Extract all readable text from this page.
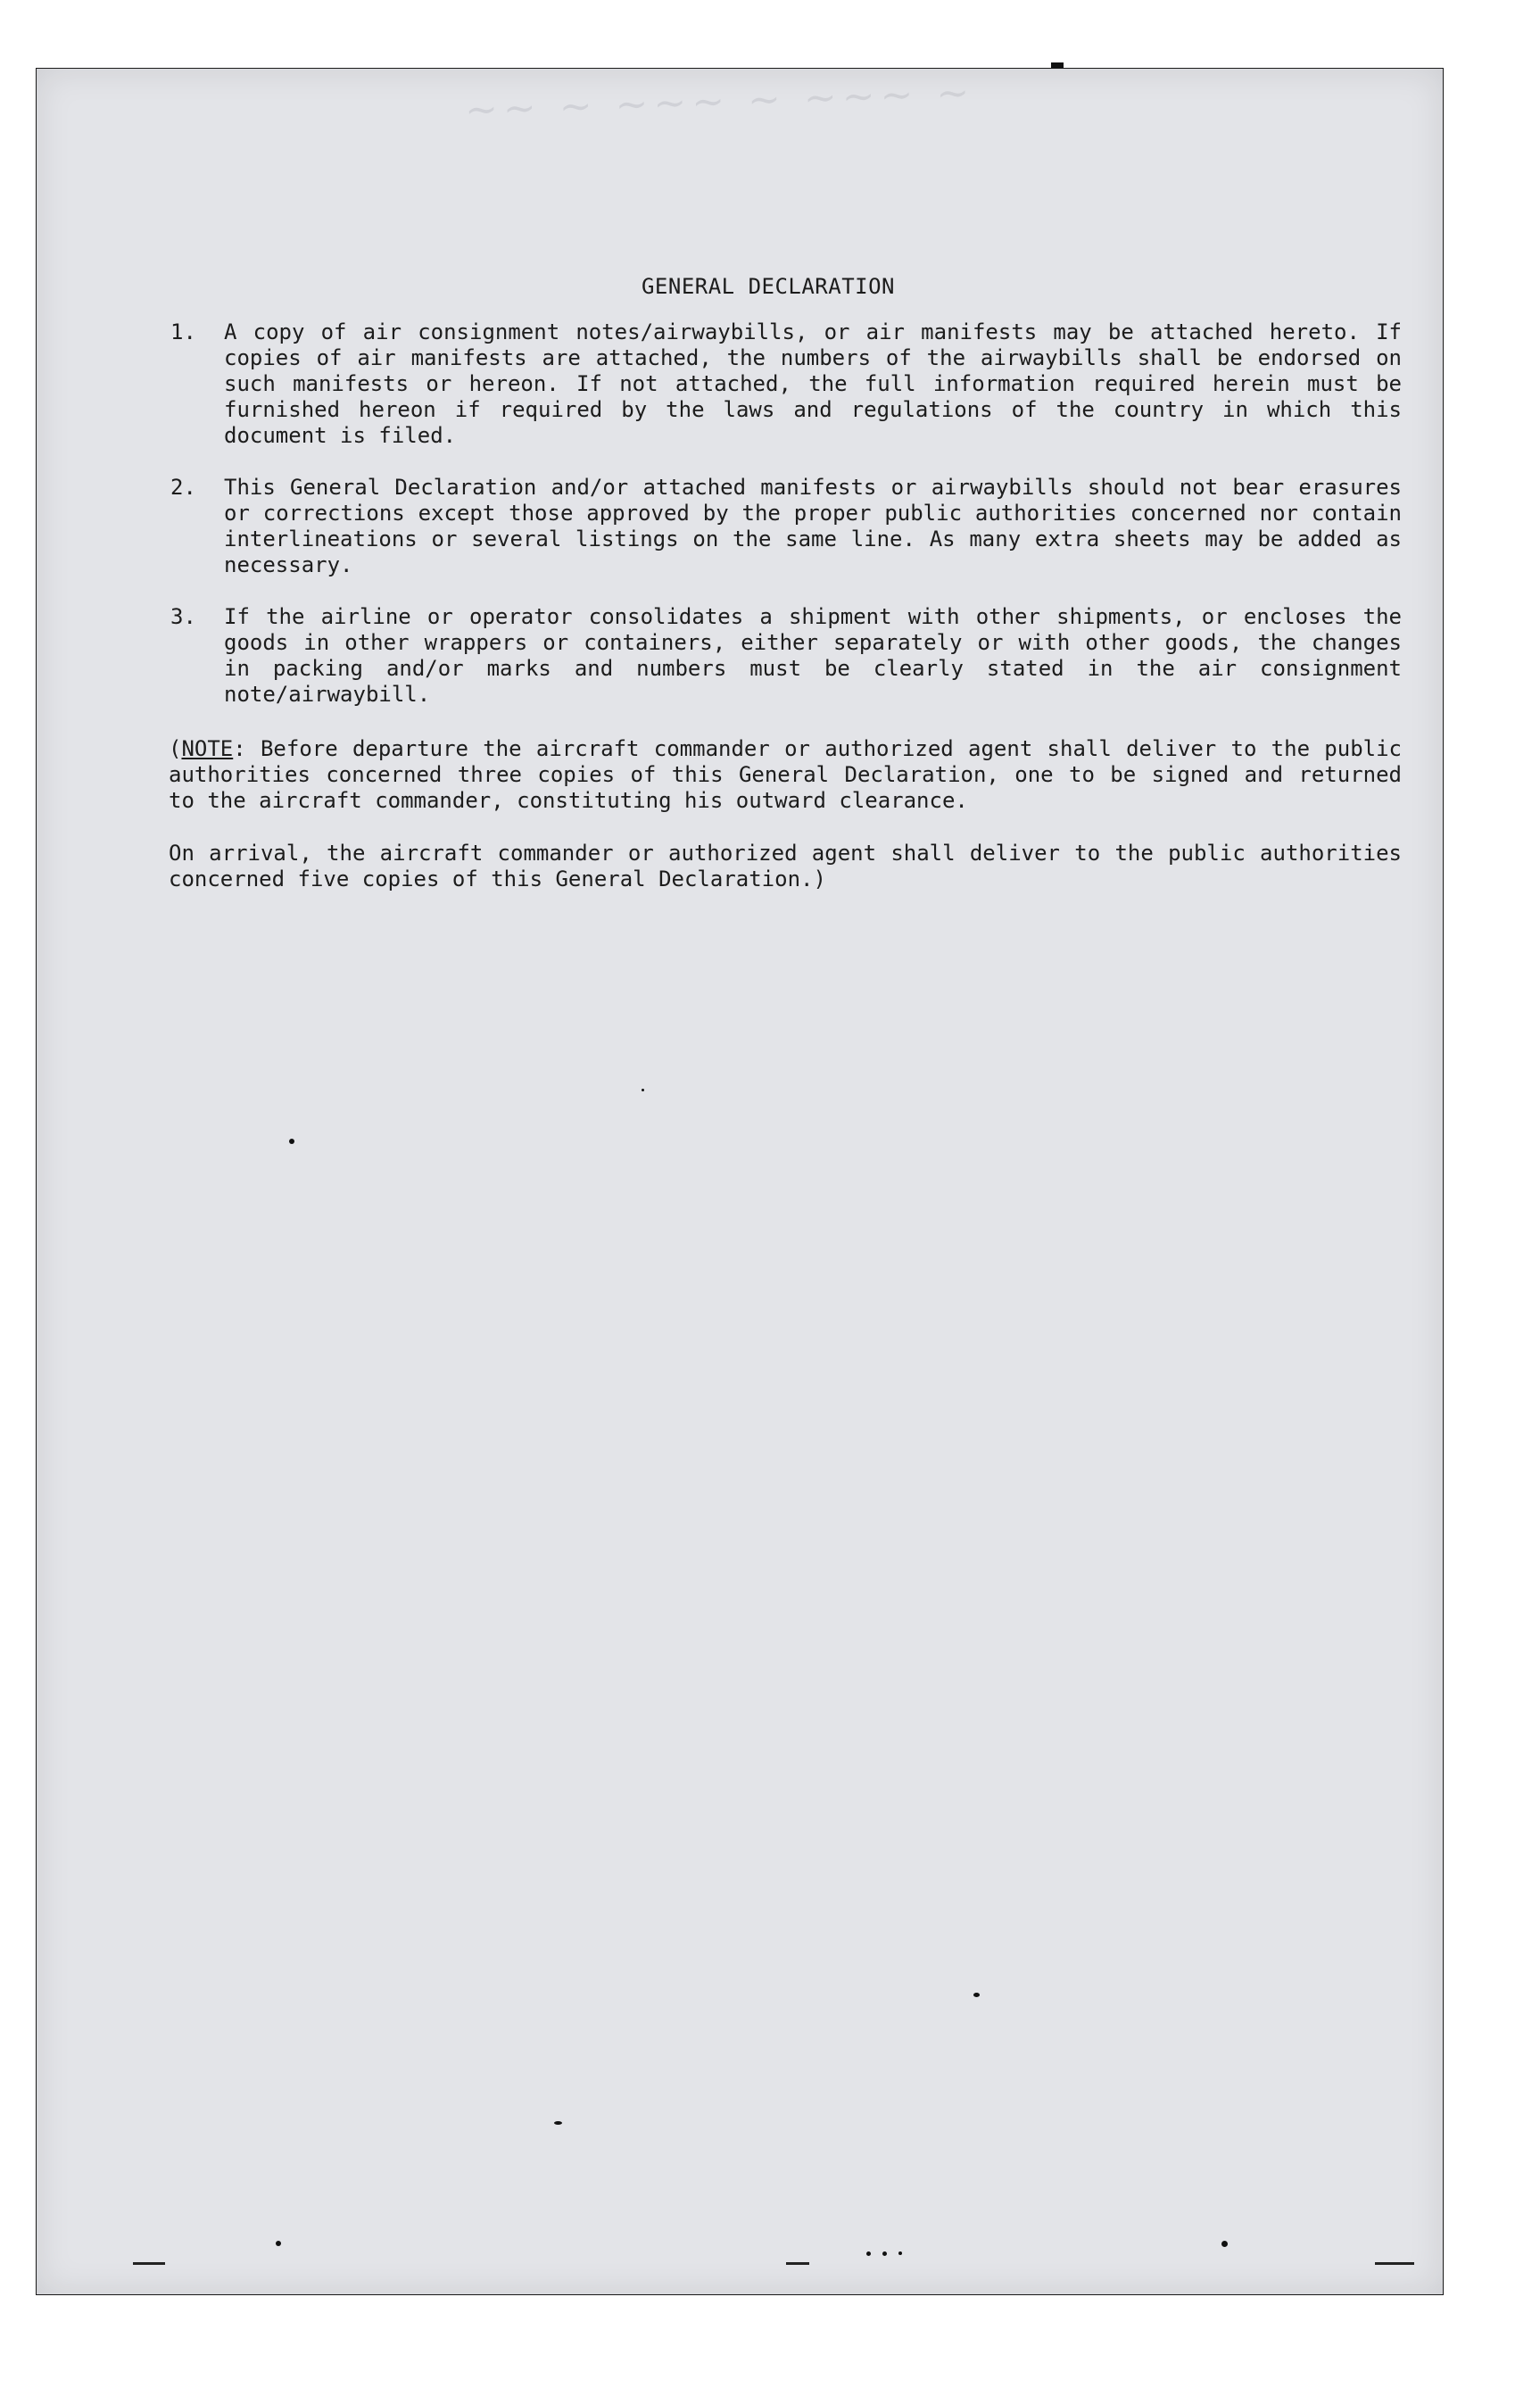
~~ ~ ~~~ ~ ~~~ ~
GENERAL DECLARATION
1.	A copy of air consignment notes/airwaybills, or air manifests may be attached hereto. If copies of air manifests are attached, the numbers of the airwaybills shall be endorsed on such manifests or hereon. If not attached, the full information required herein must be furnished hereon if required by the laws and regulations of the country in which this document is filed.
2.	This General Declaration and/or attached manifests or airwaybills should not bear erasures or corrections except those approved by the proper public authorities concerned nor contain interlineations or several listings on the same line. As many extra sheets may be added as necessary.
3.	If the airline or operator consolidates a shipment with other shipments, or encloses the goods in other wrappers or containers, either separately or with other goods, the changes in packing and/or marks and numbers must be clearly stated in the air consignment note/airwaybill.
(NOTE: Before departure the aircraft commander or authorized agent shall deliver to the public authorities concerned three copies of this General Declaration, one to be signed and returned to the aircraft commander, constituting his outward clearance.
On arrival, the aircraft commander or authorized agent shall deliver to the public authorities concerned five copies of this General Declaration.)
